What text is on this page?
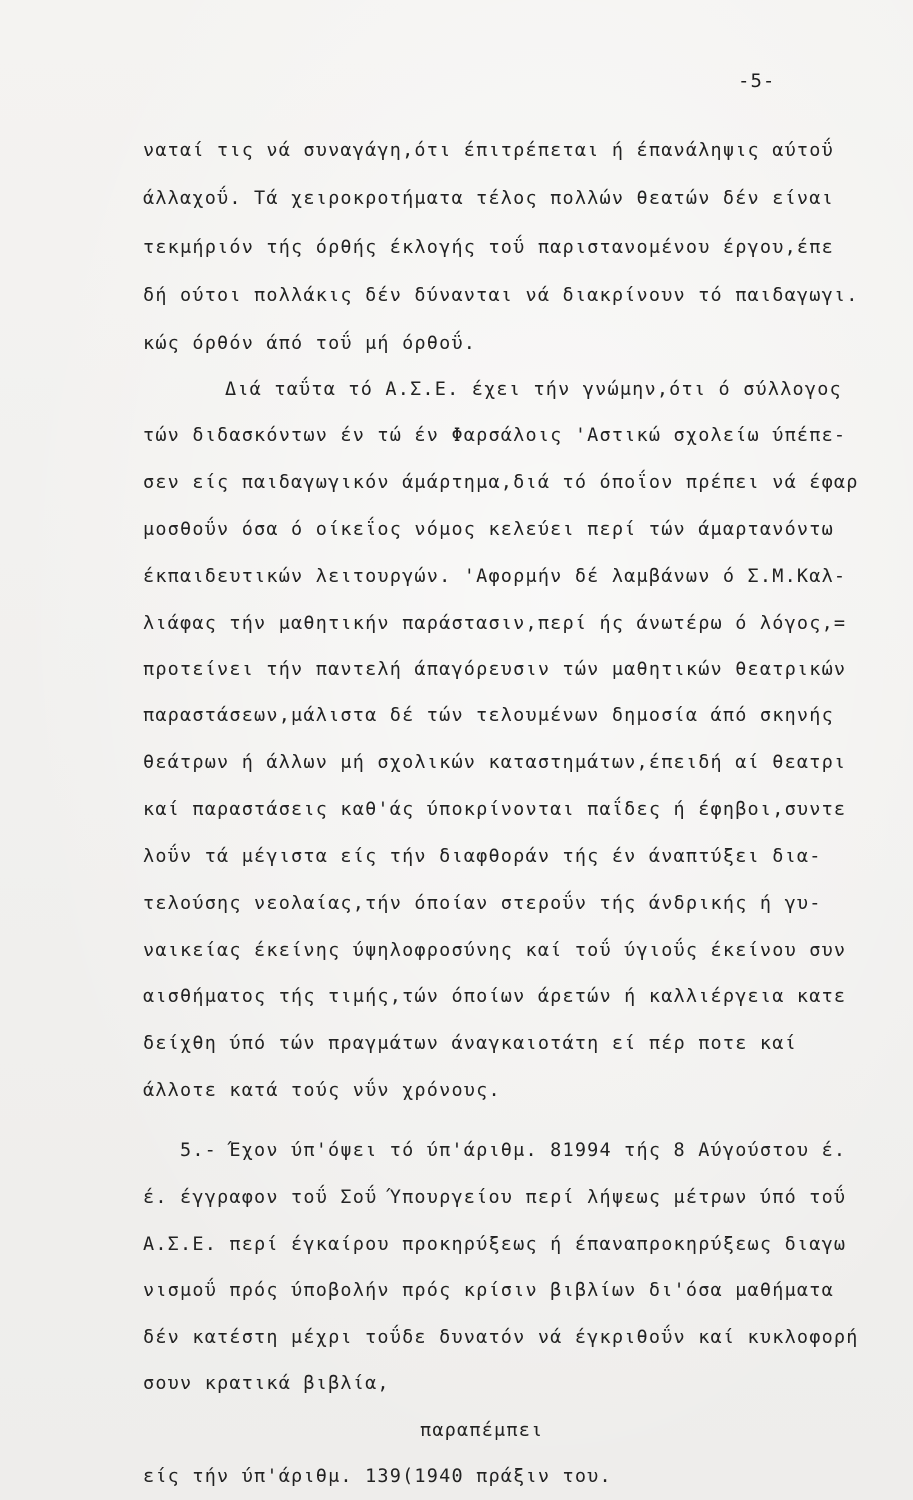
-5-
ναταί τις νά συναγάγη,ότι έπιτρέπεται ή έπανάληψις αύτοΰ
άλλαχοΰ. Τά χειροκροτήματα τέλος πολλών θεατών δέν είναι
τεκμήριόν τής όρθής έκλογής τοΰ παριστανομένου έργου,έπε
δή ούτοι πολλάκις δέν δύνανται νά διακρίνουν τό παιδαγωγι.
κώς όρθόν άπό τοΰ μή όρθοΰ.
Διά ταΰτα τό Α.Σ.Ε. έχει τήν γνώμην,ότι ό σύλλογος
τών διδασκόντων έν τώ έν Φαρσάλοις 'Αστικώ σχολείω ύπέπε-
σεν είς παιδαγωγικόν άμάρτημα,διά τό όποΐον πρέπει νά έφαρ
μοσθοΰν όσα ό οίκεΐος νόμος κελεύει περί τών άμαρτανόντω
έκπαιδευτικών λειτουργών. 'Αφορμήν δέ λαμβάνων ό Σ.Μ.Καλ-
λιάφας τήν μαθητικήν παράστασιν,περί ής άνωτέρω ό λόγος,=
προτείνει τήν παντελή άπαγόρευσιν τών μαθητικών θεατρικών
παραστάσεων,μάλιστα δέ τών τελουμένων δημοσία άπό σκηνής
θεάτρων ή άλλων μή σχολικών καταστημάτων,έπειδή αί θεατρι
καί παραστάσεις καθ'άς ύποκρίνονται παΐδες ή έφηβοι,συντε
λοΰν τά μέγιστα είς τήν διαφθοράν τής έν άναπτύξει δια-
τελούσης νεολαίας,τήν όποίαν στεροΰν τής άνδρικής ή γυ-
ναικείας έκείνης ύψηλοφροσύνης καί τοΰ ύγιοΰς έκείνου συν
αισθήματος τής τιμής,τών όποίων άρετών ή καλλιέργεια κατε
δείχθη ύπό τών πραγμάτων άναγκαιοτάτη εί πέρ ποτε καί
άλλοτε κατά τούς νΰν χρόνους.
5.- Έχον ύπ'όψει τό ύπ'άριθμ. 81994 τής 8 Αύγούστου έ.
έ. έγγραφον τοΰ Σοΰ Ύπουργείου περί λήψεως μέτρων ύπό τοΰ
Α.Σ.Ε. περί έγκαίρου προκηρύξεως ή έπαναπροκηρύξεως διαγω
νισμοΰ πρός ύποβολήν πρός κρίσιν βιβλίων δι'όσα μαθήματα
δέν κατέστη μέχρι τοΰδε δυνατόν νά έγκριθοΰν καί κυκλοφορή
σουν κρατικά βιβλία,
παραπέμπει
είς τήν ύπ'άριθμ. 139(1940 πράξιν του.
